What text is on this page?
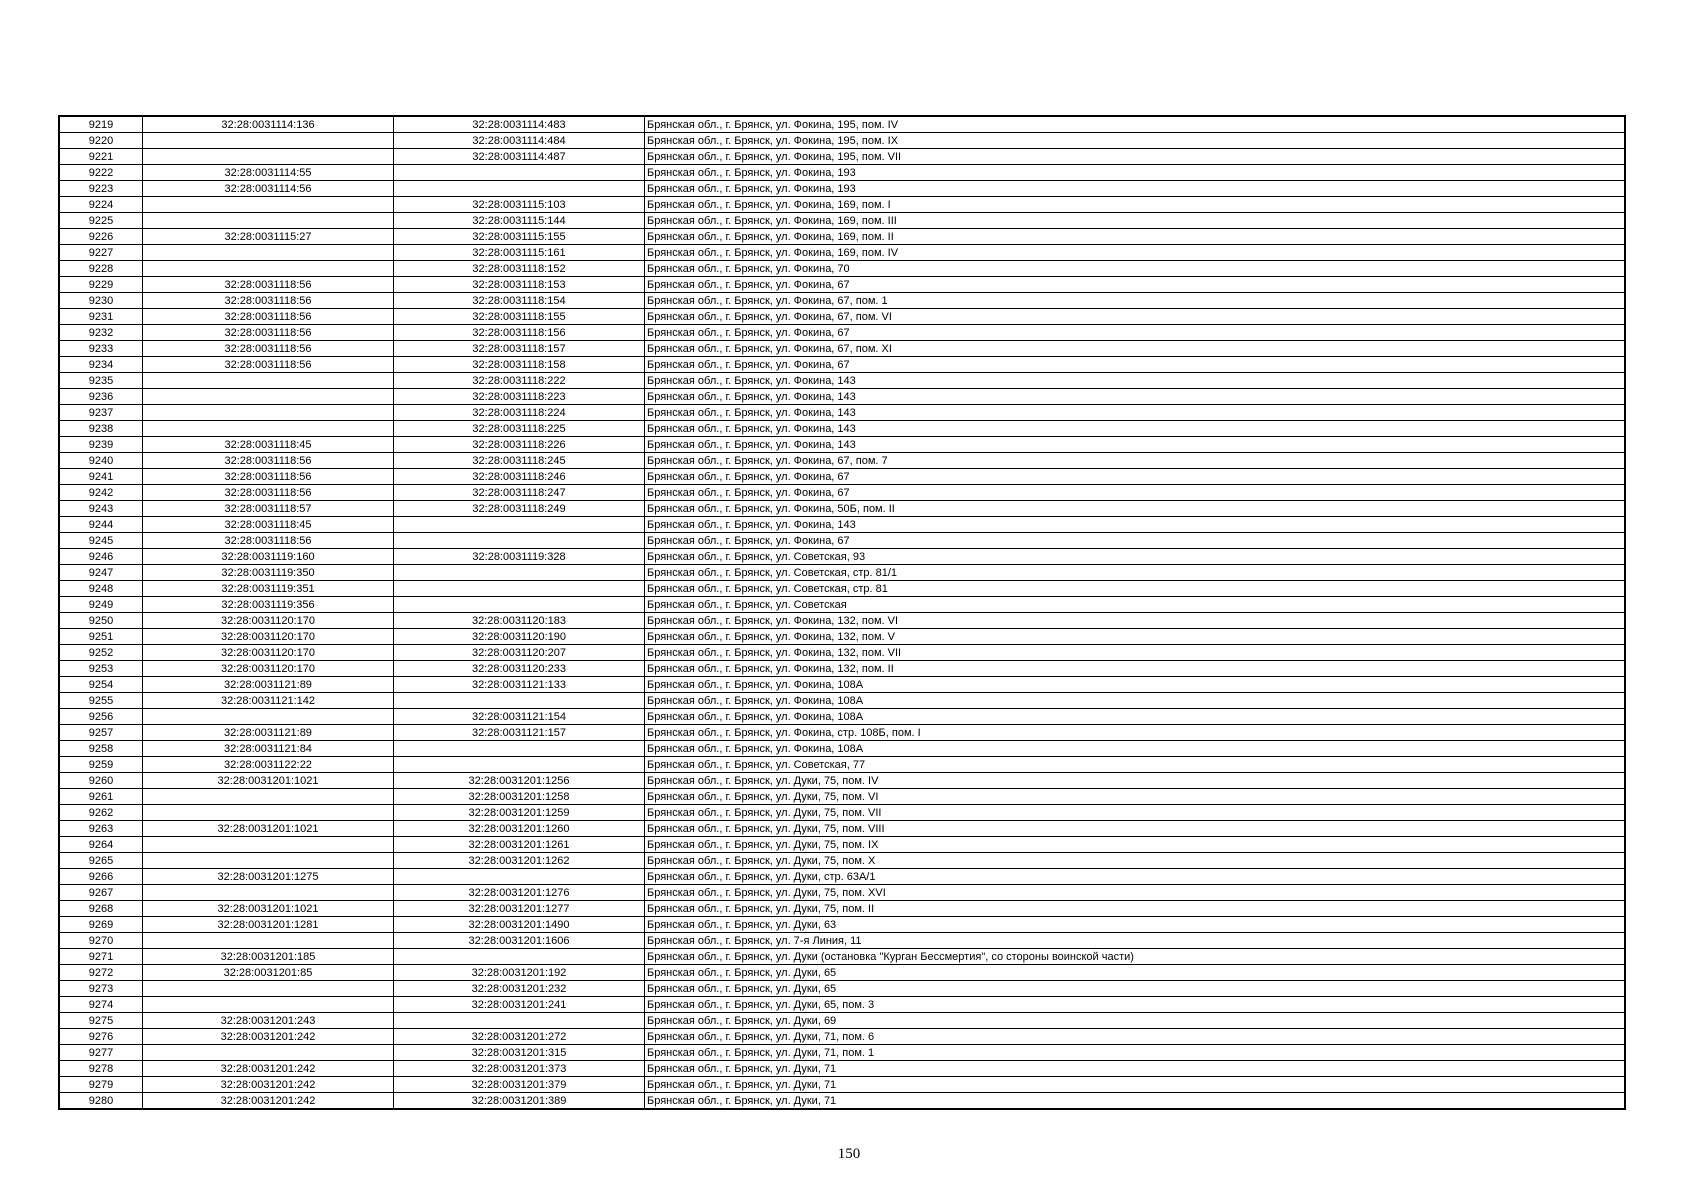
9219	32:28:0031114:136	32:28:0031114:483	Брянская обл., г. Брянск, ул. Фокина, 195, пом. IV
9220		32:28:0031114:484	Брянская обл., г. Брянск, ул. Фокина, 195, пом. IX
9221		32:28:0031114:487	Брянская обл., г. Брянск, ул. Фокина, 195, пом. VII
9222	32:28:0031114:55		Брянская обл., г. Брянск, ул. Фокина, 193
9223	32:28:0031114:56		Брянская обл., г. Брянск, ул. Фокина, 193
9224		32:28:0031115:103	Брянская обл., г. Брянск, ул. Фокина, 169, пом. I
9225		32:28:0031115:144	Брянская обл., г. Брянск, ул. Фокина, 169, пом. III
9226	32:28:0031115:27	32:28:0031115:155	Брянская обл., г. Брянск, ул. Фокина, 169, пом. II
9227		32:28:0031115:161	Брянская обл., г. Брянск, ул. Фокина, 169, пом. IV
9228		32:28:0031118:152	Брянская обл., г. Брянск, ул. Фокина, 70
9229	32:28:0031118:56	32:28:0031118:153	Брянская обл., г. Брянск, ул. Фокина, 67
9230	32:28:0031118:56	32:28:0031118:154	Брянская обл., г. Брянск, ул. Фокина, 67, пом. 1
9231	32:28:0031118:56	32:28:0031118:155	Брянская обл., г. Брянск, ул. Фокина, 67, пом. VI
9232	32:28:0031118:56	32:28:0031118:156	Брянская обл., г. Брянск, ул. Фокина, 67
9233	32:28:0031118:56	32:28:0031118:157	Брянская обл., г. Брянск, ул. Фокина, 67, пом. XI
9234	32:28:0031118:56	32:28:0031118:158	Брянская обл., г. Брянск, ул. Фокина, 67
9235		32:28:0031118:222	Брянская обл., г. Брянск, ул. Фокина, 143
9236		32:28:0031118:223	Брянская обл., г. Брянск, ул. Фокина, 143
9237		32:28:0031118:224	Брянская обл., г. Брянск, ул. Фокина, 143
9238		32:28:0031118:225	Брянская обл., г. Брянск, ул. Фокина, 143
9239	32:28:0031118:45	32:28:0031118:226	Брянская обл., г. Брянск, ул. Фокина, 143
9240	32:28:0031118:56	32:28:0031118:245	Брянская обл., г. Брянск, ул. Фокина, 67, пом. 7
9241	32:28:0031118:56	32:28:0031118:246	Брянская обл., г. Брянск, ул. Фокина, 67
9242	32:28:0031118:56	32:28:0031118:247	Брянская обл., г. Брянск, ул. Фокина, 67
9243	32:28:0031118:57	32:28:0031118:249	Брянская обл., г. Брянск, ул. Фокина, 50Б, пом. II
9244	32:28:0031118:45		Брянская обл., г. Брянск, ул. Фокина, 143
9245	32:28:0031118:56		Брянская обл., г. Брянск, ул. Фокина, 67
9246	32:28:0031119:160	32:28:0031119:328	Брянская обл., г. Брянск, ул. Советская, 93
9247	32:28:0031119:350		Брянская обл., г. Брянск, ул. Советская, стр. 81/1
9248	32:28:0031119:351		Брянская обл., г. Брянск, ул. Советская, стр. 81
9249	32:28:0031119:356		Брянская обл., г. Брянск, ул. Советская
9250	32:28:0031120:170	32:28:0031120:183	Брянская обл., г. Брянск, ул. Фокина, 132, пом. VI
9251	32:28:0031120:170	32:28:0031120:190	Брянская обл., г. Брянск, ул. Фокина, 132, пом. V
9252	32:28:0031120:170	32:28:0031120:207	Брянская обл., г. Брянск, ул. Фокина, 132, пом. VII
9253	32:28:0031120:170	32:28:0031120:233	Брянская обл., г. Брянск, ул. Фокина, 132, пом. II
9254	32:28:0031121:89	32:28:0031121:133	Брянская обл., г. Брянск, ул. Фокина, 108А
9255	32:28:0031121:142		Брянская обл., г. Брянск, ул. Фокина, 108А
9256		32:28:0031121:154	Брянская обл., г. Брянск, ул. Фокина, 108А
9257	32:28:0031121:89	32:28:0031121:157	Брянская обл., г. Брянск, ул. Фокина, стр. 108Б, пом. I
9258	32:28:0031121:84		Брянская обл., г. Брянск, ул. Фокина, 108А
9259	32:28:0031122:22		Брянская обл., г. Брянск, ул. Советская, 77
9260	32:28:0031201:1021	32:28:0031201:1256	Брянская обл., г. Брянск, ул. Дуки, 75, пом. IV
9261		32:28:0031201:1258	Брянская обл., г. Брянск, ул. Дуки, 75, пом. VI
9262		32:28:0031201:1259	Брянская обл., г. Брянск, ул. Дуки, 75, пом. VII
9263	32:28:0031201:1021	32:28:0031201:1260	Брянская обл., г. Брянск, ул. Дуки, 75, пом. VIII
9264		32:28:0031201:1261	Брянская обл., г. Брянск, ул. Дуки, 75, пом. IX
9265		32:28:0031201:1262	Брянская обл., г. Брянск, ул. Дуки, 75, пом. X
9266	32:28:0031201:1275		Брянская обл., г. Брянск, ул. Дуки, стр. 63А/1
9267		32:28:0031201:1276	Брянская обл., г. Брянск, ул. Дуки, 75, пом. XVI
9268	32:28:0031201:1021	32:28:0031201:1277	Брянская обл., г. Брянск, ул. Дуки, 75, пом. II
9269	32:28:0031201:1281	32:28:0031201:1490	Брянская обл., г. Брянск, ул. Дуки, 63
9270		32:28:0031201:1606	Брянская обл., г. Брянск, ул. 7-я Линия, 11
9271	32:28:0031201:185		Брянская обл., г. Брянск, ул. Дуки (остановка "Курган Бессмертия", со стороны воинской части)
9272	32:28:0031201:85	32:28:0031201:192	Брянская обл., г. Брянск, ул. Дуки, 65
9273		32:28:0031201:232	Брянская обл., г. Брянск, ул. Дуки, 65
9274		32:28:0031201:241	Брянская обл., г. Брянск, ул. Дуки, 65, пом. 3
9275	32:28:0031201:243		Брянская обл., г. Брянск, ул. Дуки, 69
9276	32:28:0031201:242	32:28:0031201:272	Брянская обл., г. Брянск, ул. Дуки, 71, пом. 6
9277		32:28:0031201:315	Брянская обл., г. Брянск, ул. Дуки, 71, пом. 1
9278	32:28:0031201:242	32:28:0031201:373	Брянская обл., г. Брянск, ул. Дуки, 71
9279	32:28:0031201:242	32:28:0031201:379	Брянская обл., г. Брянск, ул. Дуки, 71
9280	32:28:0031201:242	32:28:0031201:389	Брянская обл., г. Брянск, ул. Дуки, 71
150
